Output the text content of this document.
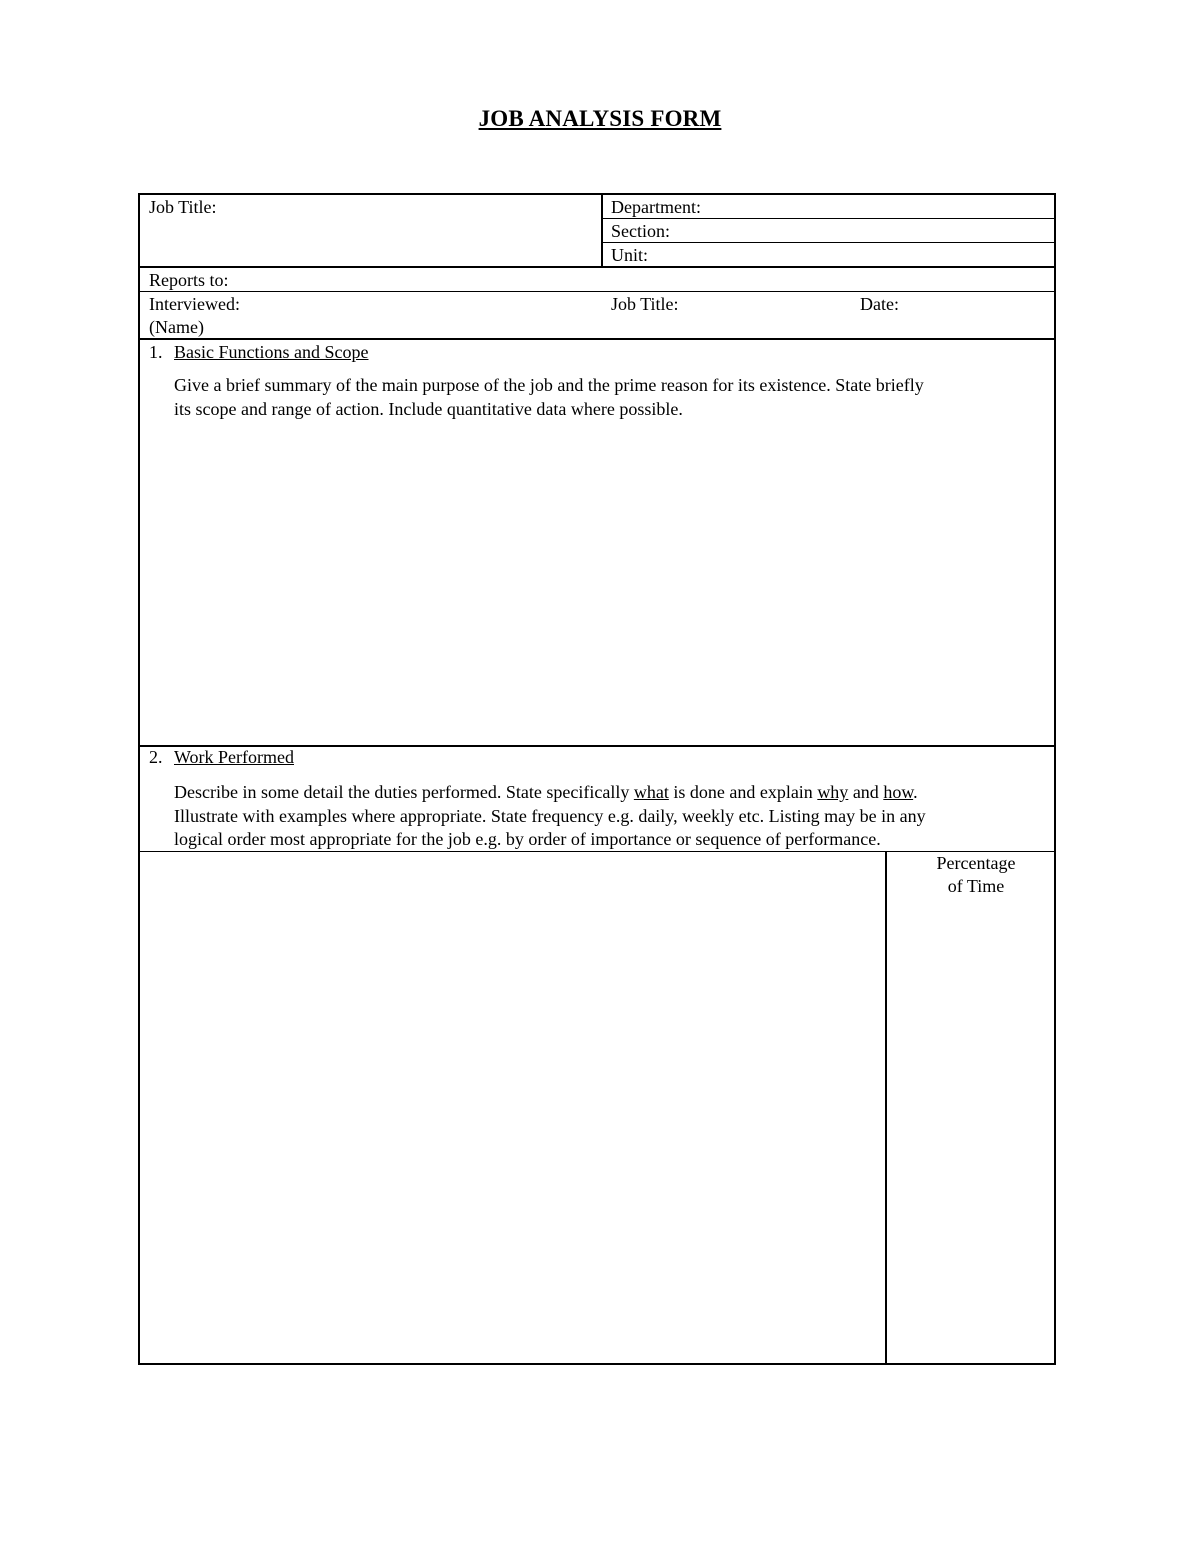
JOB ANALYSIS FORM
Job Title:	Department:
Section:
Unit:
Reports to:
Interviewed:
(Name)
Job Title:	Date:
1. Basic Functions and Scope
Give a brief summary of the main purpose of the job and the prime reason for its existence. State briefly
its scope and range of action. Include quantitative data where possible.
2. Work Performed
Describe in some detail the duties performed. State specifically what is done and explain why and how.
Illustrate with examples where appropriate. State frequency e.g. daily, weekly etc. Listing may be in any
logical order most appropriate for the job e.g. by order of importance or sequence of performance.
Percentage
of Time
